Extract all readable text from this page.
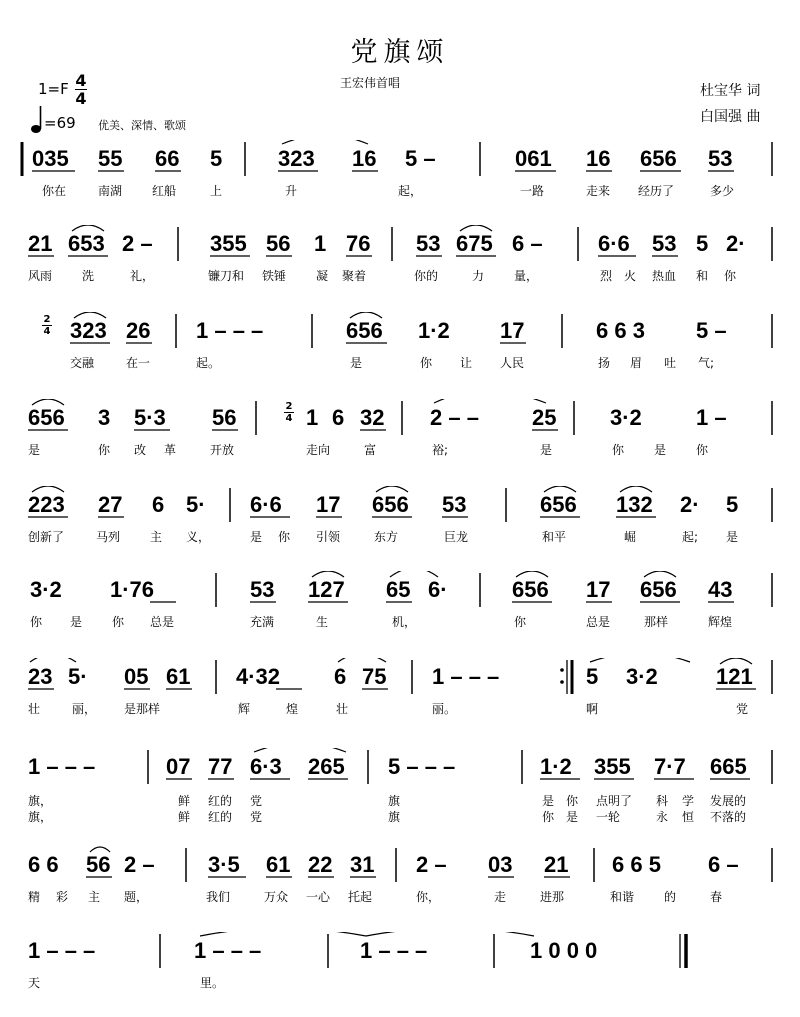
党旗颂
王宏伟首唱	杜宝华 词
白国强 曲
1=F 4
4
=69 优美、深情、歌颂
035 55 66 5	323 16 5 –	061 16 656 53
你在	南湖 红船	上	升	起，	一路	走来 经历了	多少
21 653 2 –	355 56 1 76 53 675 6 –	6·6 53 5 2·
风雨 洗	礼，	镰刀和 铁锤 凝 聚着	你的	力 量，	烈 火 热血 和 你
2
4 323 26 1 – – –	656 1·2 17	6 6 3 5 –
交融	在一	起。	是	你 让 人民	扬 眉 吐 气;
2
4
656 3 5·3 56	1 6 32 2 – – 25 3·2 1 –
是	你 改 革	开放	走向	富	裕;	是	你 是 你
223 27 6 5· 6·6 17 656 53	656 132 2· 5
创新了	马列 主 义，	是 你 引领	东方	巨龙	和平	崛	起; 是
3·2 1·76	53 127 65 6·	656 17 656 43
你 是 你 总是	充满	生	机，	你	总是	那样	辉煌
23 5· 05 61 4·32 6 75 1 – – –	5 3·2	121
壮	丽， 是那样	辉	煌	壮	丽。	啊	党
1 – – –	07 77 6·3 265 5 – – –	1·2 355 7·7 665
旗，	鲜 红的 党	旗	是 你 点明了 科 学 发展的
旗，	鲜 红的 党	旗	你 是 一轮	永 恒 不落的
6 6 56 2 – 3·5 61 22 31 2 – 03 21 6 6 5 6 –
精 彩 主 题，	我们	万众 一心 托起	你，	走	进那	和谐 的	春
1 – – –	1 – – –	1 – – –	1 0 0 0
天	里。
